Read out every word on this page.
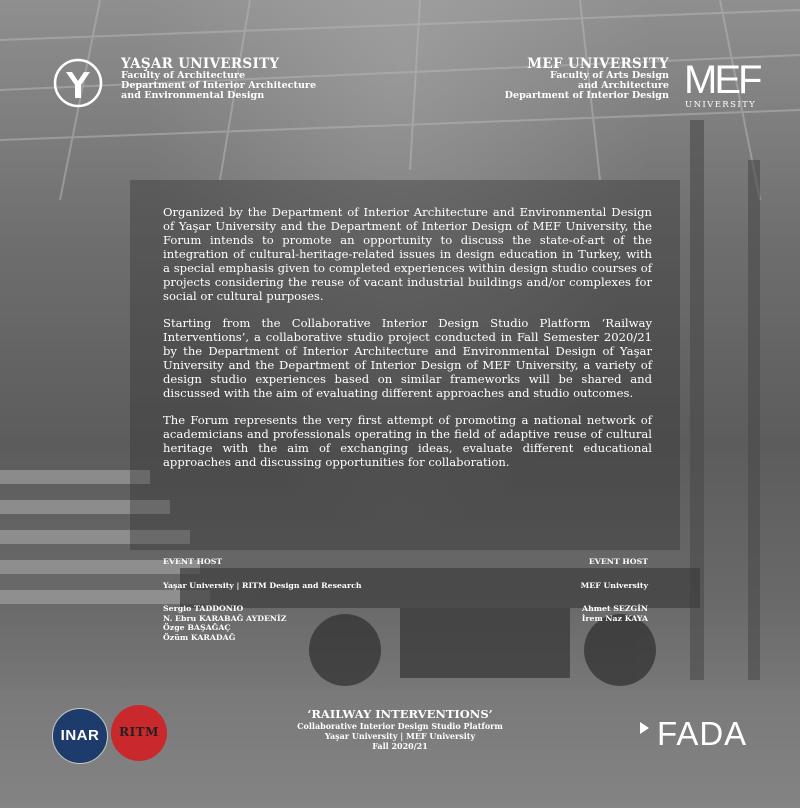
YAŞAR UNIVERSITY
Faculty of Architecture
Department of Interior Architecture
and Environmental Design
MEF UNIVERSITY
Faculty of Arts Design
and Architecture
Department of Interior Design MEF
UNIVERSITY

Organized by the Department of Interior Architecture and Environmental Design of Yaşar University and the Department of Interior Design of MEF University, the Forum intends to promote an opportunity to discuss the state-of-art of the integration of cultural-heritage-related issues in design education in Turkey, with a special emphasis given to completed experiences within design studio courses of projects considering the reuse of vacant industrial buildings and/or complexes for social or cultural purposes.

Starting from the Collaborative Interior Design Studio Platform ‘Railway Interventions’, a collaborative studio project conducted in Fall Semester 2020/21 by the Department of Interior Architecture and Environmental Design of Yaşar University and the Department of Interior Design of MEF University, a variety of design studio experiences based on similar frameworks will be shared and discussed with the aim of evaluating different approaches and studio outcomes.

The Forum represents the very first attempt of promoting a national network of academicians and professionals operating in the field of adaptive reuse of cultural heritage with the aim of exchanging ideas, evaluate different educational approaches and discussing opportunities for collaboration.

EVENT HOST
Yaşar University | RITM Design and Research
Sergio TADDONIO
N. Ebru KARABAĞ AYDENİZ
Özge BAŞAĞAÇ
Özüm KARADAĞ
EVENT HOST
MEF University
Ahmet SEZGİN
İrem Naz KAYA
INAR	RITM
‘RAILWAY INTERVENTIONS’
Collaborative Interior Design Studio Platform
Yaşar University | MEF University
Fall 2020/21	FADA
